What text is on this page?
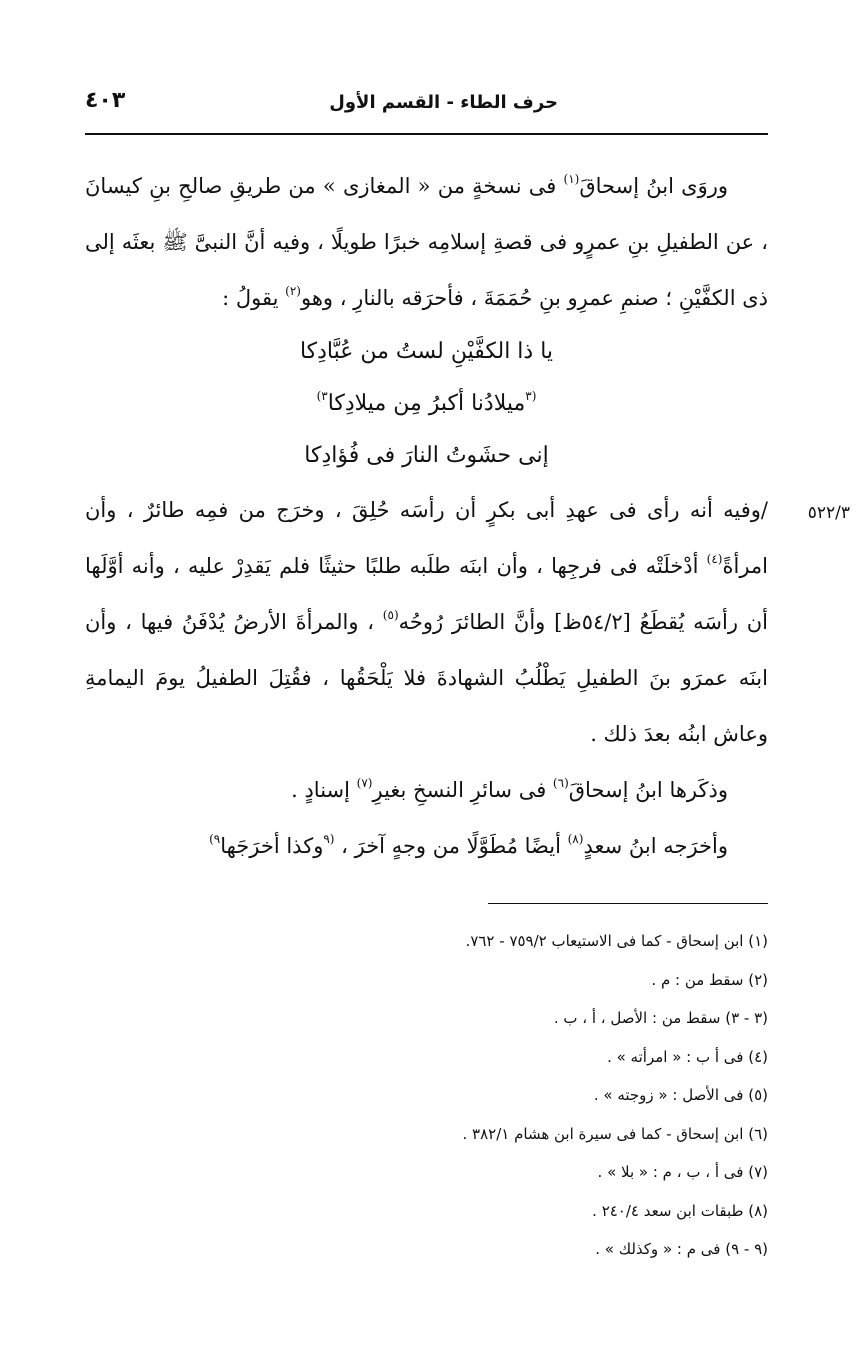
حرف الطاء - القسم الأول
٤٠٣
٥٢٢/٣

وروَى ابنُ إسحاقَ$^{(١)}$ فى نسخةٍ من « المغازى » من طريقِ صالحِ بنِ كيسانَ ، عن الطفيلِ بنِ عمرٍو فى قصةِ إسلامِه خبرًا طويلًا ، وفيه أنَّ النبىَّ ﷺ بعثَه إلى ذى الكفَّيْنِ ؛ صنمِ عمرِو بنِ حُمَمَةَ ، فأحرَقه بالنارِ ، وهو$^{(٢)}$ يقولُ :

يا ذا الكفَّيْنِ لستُ من عُبَّادِكا
$^{(٣}$ميلادُنا أكبرُ مِن ميلادِكا$^{٣)}$
إنى حشَوتُ النارَ فى فُؤادِكا

/وفيه أنه رأى فى عهدِ أبى بكرٍ أن رأسَه حُلِقَ ، وخرَج من فمِه طائرٌ ، وأن امرأةً$^{(٤)}$ أدْخلَتْه فى فرجِها ، وأن ابنَه طلَبه طلبًا حثيثًا فلم يَقدِرْ عليه ، وأنه أوَّلَها أن رأسَه يُقطَعُ [٥٤/٢ظ] وأنَّ الطائرَ رُوحُه$^{(٥)}$ ، والمرأةَ الأرضُ يُدْفَنُ فيها ، وأن ابنَه عمرَو بنَ الطفيلِ يَطْلُبُ الشهادةَ فلا يَلْحَقُها ، فقُتِلَ الطفيلُ يومَ اليمامةِ وعاش ابنُه بعدَ ذلك .

وذكَرها ابنُ إسحاقَ$^{(٦)}$ فى سائرِ النسخِ بغيرِ$^{(٧)}$ إسنادٍ .

وأخرَجه ابنُ سعدٍ$^{(٨)}$ أيضًا مُطَوَّلًا من وجهٍ آخرَ ، $^{(٩}$وكذا أخرَجَها$^{٩)}$

(١) ابن إسحاق - كما فى الاستيعاب ٧٥٩/٢ - ٧٦٢.
(٢) سقط من : م .
(٣ - ٣) سقط من : الأصل ، أ ، ب .
(٤) فى أ ب : « امرأته » .
(٥) فى الأصل : « زوجته » .
(٦) ابن إسحاق - كما فى سيرة ابن هشام ٣٨٢/١ .
(٧) فى أ ، ب ، م : « بلا » .
(٨) طبقات ابن سعد ٢٤٠/٤ .
(٩ - ٩) فى م : « وكذلك » .
